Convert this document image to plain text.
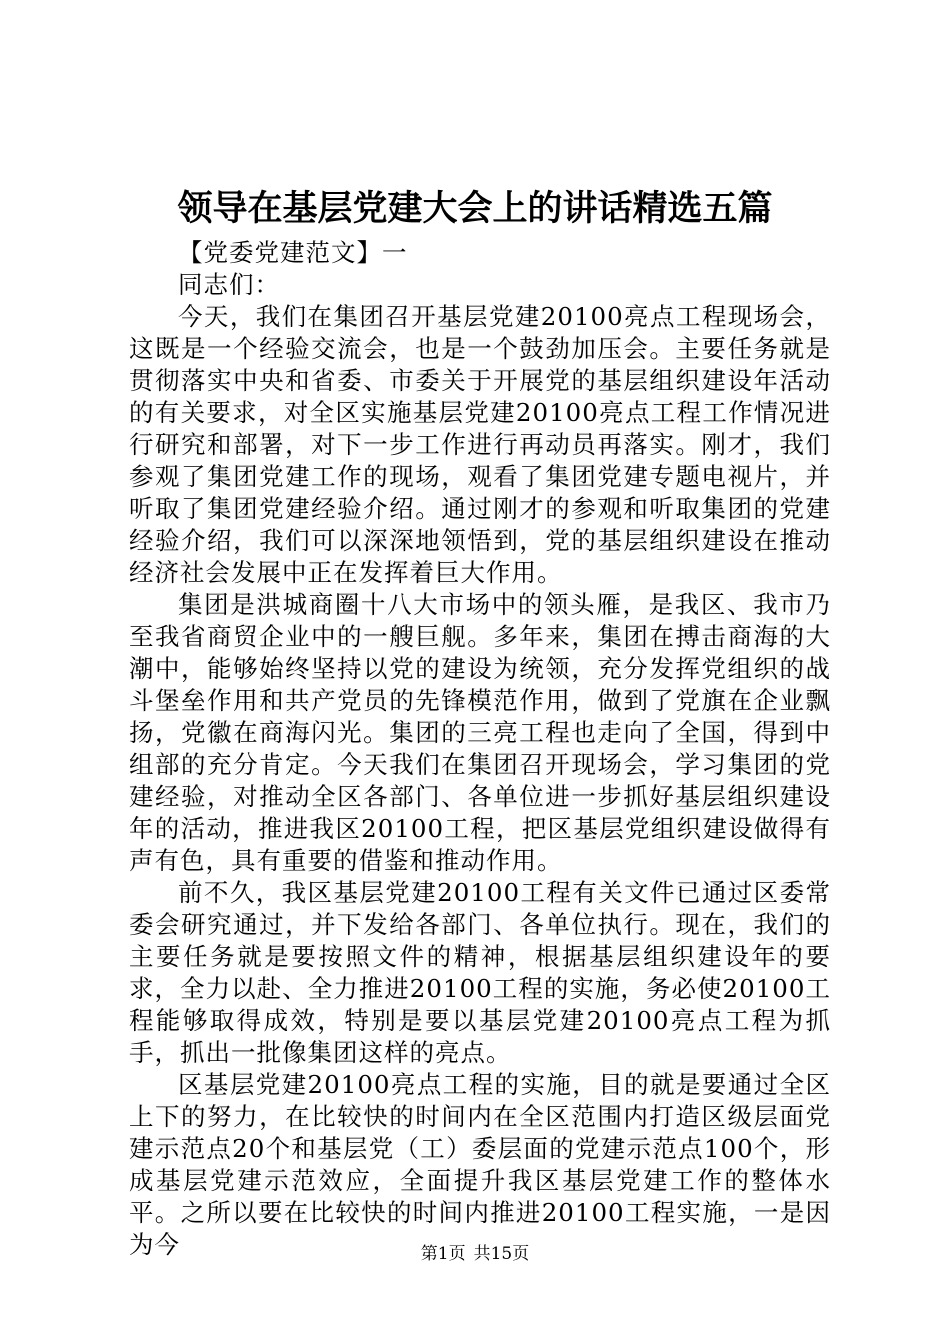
领导在基层党建大会上的讲话精选五篇

【党委党建范文】一

同志们：

今天，我们在集团召开基层党建20100亮点工程现场会，这既是一个经验交流会，也是一个鼓劲加压会。主要任务就是贯彻落实中央和省委、市委关于开展党的基层组织建设年活动的有关要求，对全区实施基层党建20100亮点工程工作情况进行研究和部署，对下一步工作进行再动员再落实。刚才，我们参观了集团党建工作的现场，观看了集团党建专题电视片，并听取了集团党建经验介绍。通过刚才的参观和听取集团的党建经验介绍，我们可以深深地领悟到，党的基层组织建设在推动经济社会发展中正在发挥着巨大作用。

集团是洪城商圈十八大市场中的领头雁，是我区、我市乃至我省商贸企业中的一艘巨舰。多年来，集团在搏击商海的大潮中，能够始终坚持以党的建设为统领，充分发挥党组织的战斗堡垒作用和共产党员的先锋模范作用，做到了党旗在企业飘扬，党徽在商海闪光。集团的三亮工程也走向了全国，得到中组部的充分肯定。今天我们在集团召开现场会，学习集团的党建经验，对推动全区各部门、各单位进一步抓好基层组织建设年的活动，推进我区20100工程，把区基层党组织建设做得有声有色，具有重要的借鉴和推动作用。

前不久，我区基层党建20100工程有关文件已通过区委常委会研究通过，并下发给各部门、各单位执行。现在，我们的主要任务就是要按照文件的精神，根据基层组织建设年的要求，全力以赴、全力推进20100工程的实施，务必使20100工程能够取得成效，特别是要以基层党建20100亮点工程为抓手，抓出一批像集团这样的亮点。

区基层党建20100亮点工程的实施，目的就是要通过全区上下的努力，在比较快的时间内在全区范围内打造区级层面党建示范点20个和基层党（工）委层面的党建示范点100个，形成基层党建示范效应，全面提升我区基层党建工作的整体水平。之所以要在比较快的时间内推进20100工程实施，一是因为今	第1页 共15页
